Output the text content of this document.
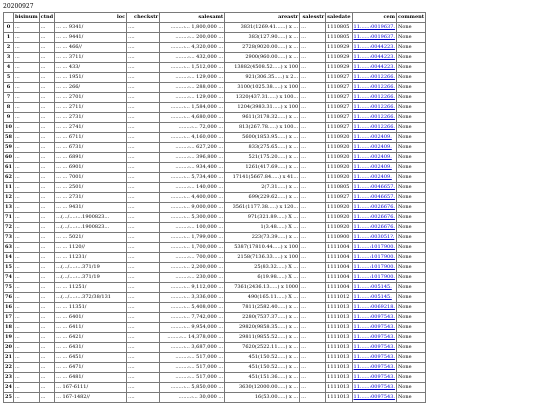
20200927
	bisinum	ctnd	loc	checkstr	salesamt	areastr	salesstr	saledate	cem	comment
0	...	...	... ... 9341/	....	........:... 1,800,000 ...	3831(1269.41......) x ...	...	1110805	11......:0019637.	None
1	...	...	... ... 9441/	....	........:... 200,000 ...	383(127.90.....) x ...	...	1110805	11......:0019637.	None
2	...	...	... ... 466//	....	........:... 4,320,000 ...	2728(9020.00.....) x ...	...	1110929	11......:0044223.	None
3	...	...	... ... 3711/	....	........:... 432,000 ...	2900(960.00.....) x ...	...	1110929	11......:0044223.	None
4	...	...	... ... 433/	....	........:... 1,512,000 ...	13882(4508.52.....) x 100	...	1110929	11......:0044223.	None
5	...	...	... ... 1951/	....	........:... 129,000 ...	921(306.35.....) x 2...	...	1110927	11......:0012266.	None
6	...	...	... ... 266/	....	........:... 288,000 ...	3100(1025.38.....) x 100	...	1110927	11......:0012266.	None
7	...	...	... ... 2701/	....	........:... 129,000 ...	1320(437.31.....) x 100...	...	1110927	11......:0012266.	None
8	...	...	... ... 2711/	....	........:... 1,584,000 ...	1204(3983.31.....) x 100	...	1110927	11......:0012266.	None
9	...	...	... ... 2731/	....	........:... 4,680,000 ...	9611(3178.32.....) x ...	...	1110927	11......:0012266.	None
10	...	...	... ... 2741/	....	........:... 72,000 ...	813(267.78.....) x 100...	...	1110927	11......:0012266.	None
58	...	...	... ... 6711/	....	........:... 4,160,000 ...	5600(1853.95.....) x ...	...	1110920	11......:002409.	None
59	...	...	... ... 6731/	....	........:... 627,200 ...	833(275.65.....) x ...	...	1110920	11......:002409.	None
60	...	...	... ... 6891/	....	........:... 396,800 ...	521(175.20.....) x ...	...	1110920	11......:002409.	None
61	...	...	... ... 6901/	....	........:... 934,400 ...	1261(417.69.....) x ...	...	1110920	11......:002409.	None
62	...	...	... ... 7001/	....	........:... 5,734,400 ...	17141(5667.84.....) x 41...	...	1110920	11......:002409.	None
11	...	...	... ... 2501/	....	........:... 140,000 ...	2(7.31.....) x ...	...	1110805	11......:0046657.	None
12	...	...	... ... 2731/	....	........:... 4,400,000 ...	699(229.62.....) x ...	...	1110927	11......:0046657.	None
13	...	...	... ... 9431/	....	........:... 9,000,000 ...	3561(1177.38.....) x 120...	...	1110920	11......:0026676.	None
71	...	...	...(.../....:...1900823...	....	........:... 5,300,000 ...	971(321.89.....) X ...	...	1110920	11......:0026676.	None
72	...	...	...(.../....:...1900823...	....	........:... 100,000 ...	1(3.48.....) X ...	...	1110920	11......:0026676.	None
73	...	...	... ... 5021/	....	........:... 1,799,000 ...	223(73.39.....) x ...	...	1110900	11......:003051?.	None
63	...	...	... ... 1120//	....	........:... 1,700,000 ...	5387(17810.44.....) x 100	...	1111004	11......:1017900.	None
14	...	...	... ... 11231/	....	........:... 700,000 ...	2158(7136.33.....) x 100	...	1111004	11......:1017900.	None
15	...	...	...(.../....:...371/19	....	........:... 2,200,000 ...	25(83.32.....) X ...	...	1111004	11......:1017900.	None
74	...	...	...(.../....:...371/19	....	........:... 230,000 ...	6(19.98.....) X ...	...	1111004	11......:1017900.	None
75	...	...	... ... 11251/	....	........:... 9,112,000 ...	7361(2436.13.....) x 1000	...	1111004	11......:005145.	None
76	...	...	...(.../....:...372/38/131	....	........:... 3,336,000 ...	490(165.11.....) X ...	...	1111012	11......:005145.	None
16	...	...	... ... 11351/	....	........:... 5,408,000 ...	7811(2582.40.....) x ...	...	1111013	11......:0069218.	None
17	...	...	... ... 6401/	....	........:... 7,742,000 ...	2280(7537.37.....) x ...	...	1111013	11......:0097543.	None
18	...	...	... ... 6411/	....	........:... 9,954,000 ...	29820(9858.35.....) x ...	...	1111013	11......:0097543.	None
19	...	...	... ... 6421/	....	........:... 14,378,000 ...	29811(9855.52.....) x ...	...	1111013	11......:0097543.	None
20	...	...	... ... 6431/	....	........:... 3,687,000 ...	7620(2522.11.....) x ...	...	1111013	11......:0097543.	None
21	...	...	... ... 6451/	....	........:... 517,000 ...	451(150.52.....) x ...	...	1111013	11......:0097543.	None
22	...	...	... ... 6471/	....	........:... 517,000 ...	451(150.52.....) x ...	...	1111013	11......:0097543.	None
23	...	...	... ... 6481/	....	........:... 517,000 ...	451(151.36.....) x ...	...	1111013	11......:0097543.	None
24	...	...	... 167-6111/	....	........:... 5,850,000 ...	3630(12000.00.....) x ...	...	1111013	11......:0097543.	None
25	...	...	... 167-1482//	....	........:... 30,000 ...	16(53.00.....) x ...	...	1111013	11......:0097543.	None
